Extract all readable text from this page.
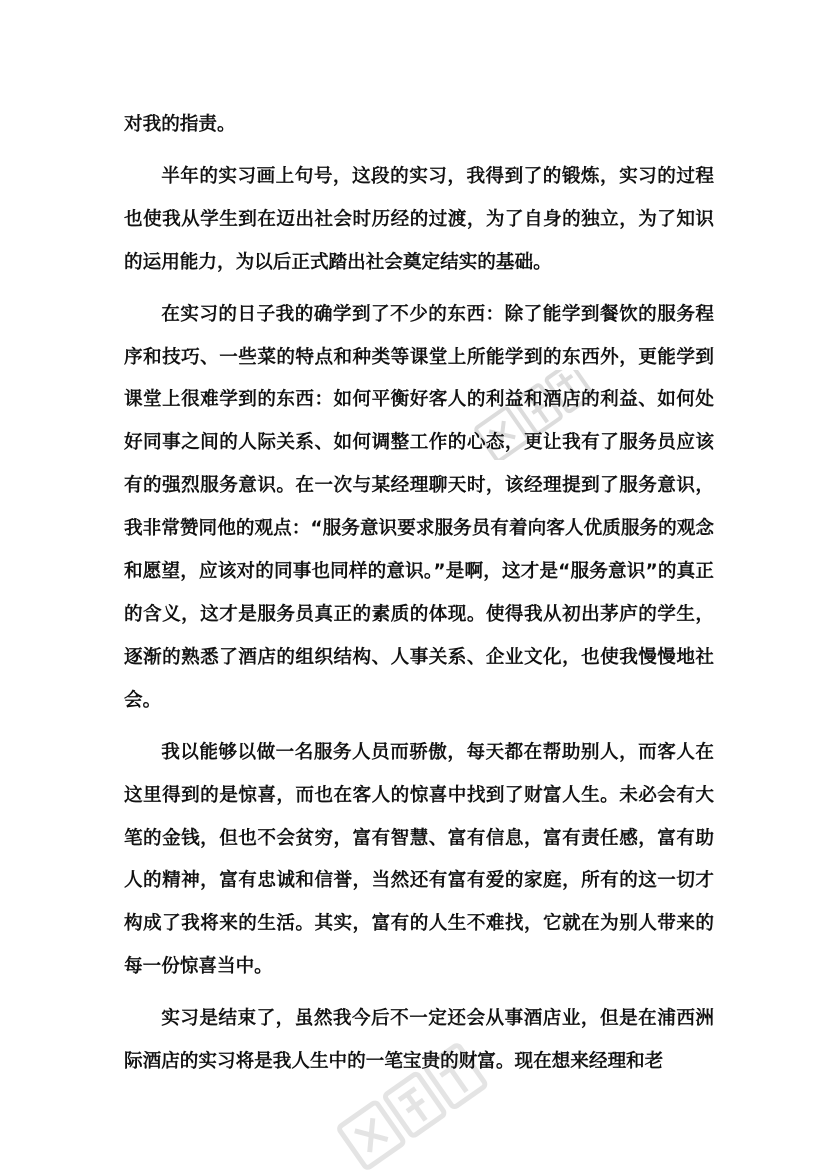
对我的指责。

半年的实习画上句号，这段的实习，我得到了的锻炼，实习的过程也使我从学生到在迈出社会时历经的过渡，为了自身的独立，为了知识的运用能力，为以后正式踏出社会奠定结实的基础。

在实习的日子我的确学到了不少的东西：除了能学到餐饮的服务程序和技巧、一些菜的特点和种类等课堂上所能学到的东西外，更能学到课堂上很难学到的东西：如何平衡好客人的利益和酒店的利益、如何处好同事之间的人际关系、如何调整工作的心态，更让我有了服务员应该有的强烈服务意识。在一次与某经理聊天时，该经理提到了服务意识，我非常赞同他的观点：“服务意识要求服务员有着向客人优质服务的观念和愿望，应该对的同事也同样的意识。”是啊，这才是“服务意识”的真正的含义，这才是服务员真正的素质的体现。使得我从初出茅庐的学生，逐渐的熟悉了酒店的组织结构、人事关系、企业文化，也使我慢慢地社会。

我以能够以做一名服务人员而骄傲，每天都在帮助别人，而客人在这里得到的是惊喜，而也在客人的惊喜中找到了财富人生。未必会有大笔的金钱，但也不会贫穷，富有智慧、富有信息，富有责任感，富有助人的精神，富有忠诚和信誉，当然还有富有爱的家庭，所有的这一切才构成了我将来的生活。其实，富有的人生不难找，它就在为别人带来的每一份惊喜当中。

实习是结束了，虽然我今后不一定还会从事酒店业，但是在浦西洲际酒店的实习将是我人生中的一笔宝贵的财富。现在想来经理和老
